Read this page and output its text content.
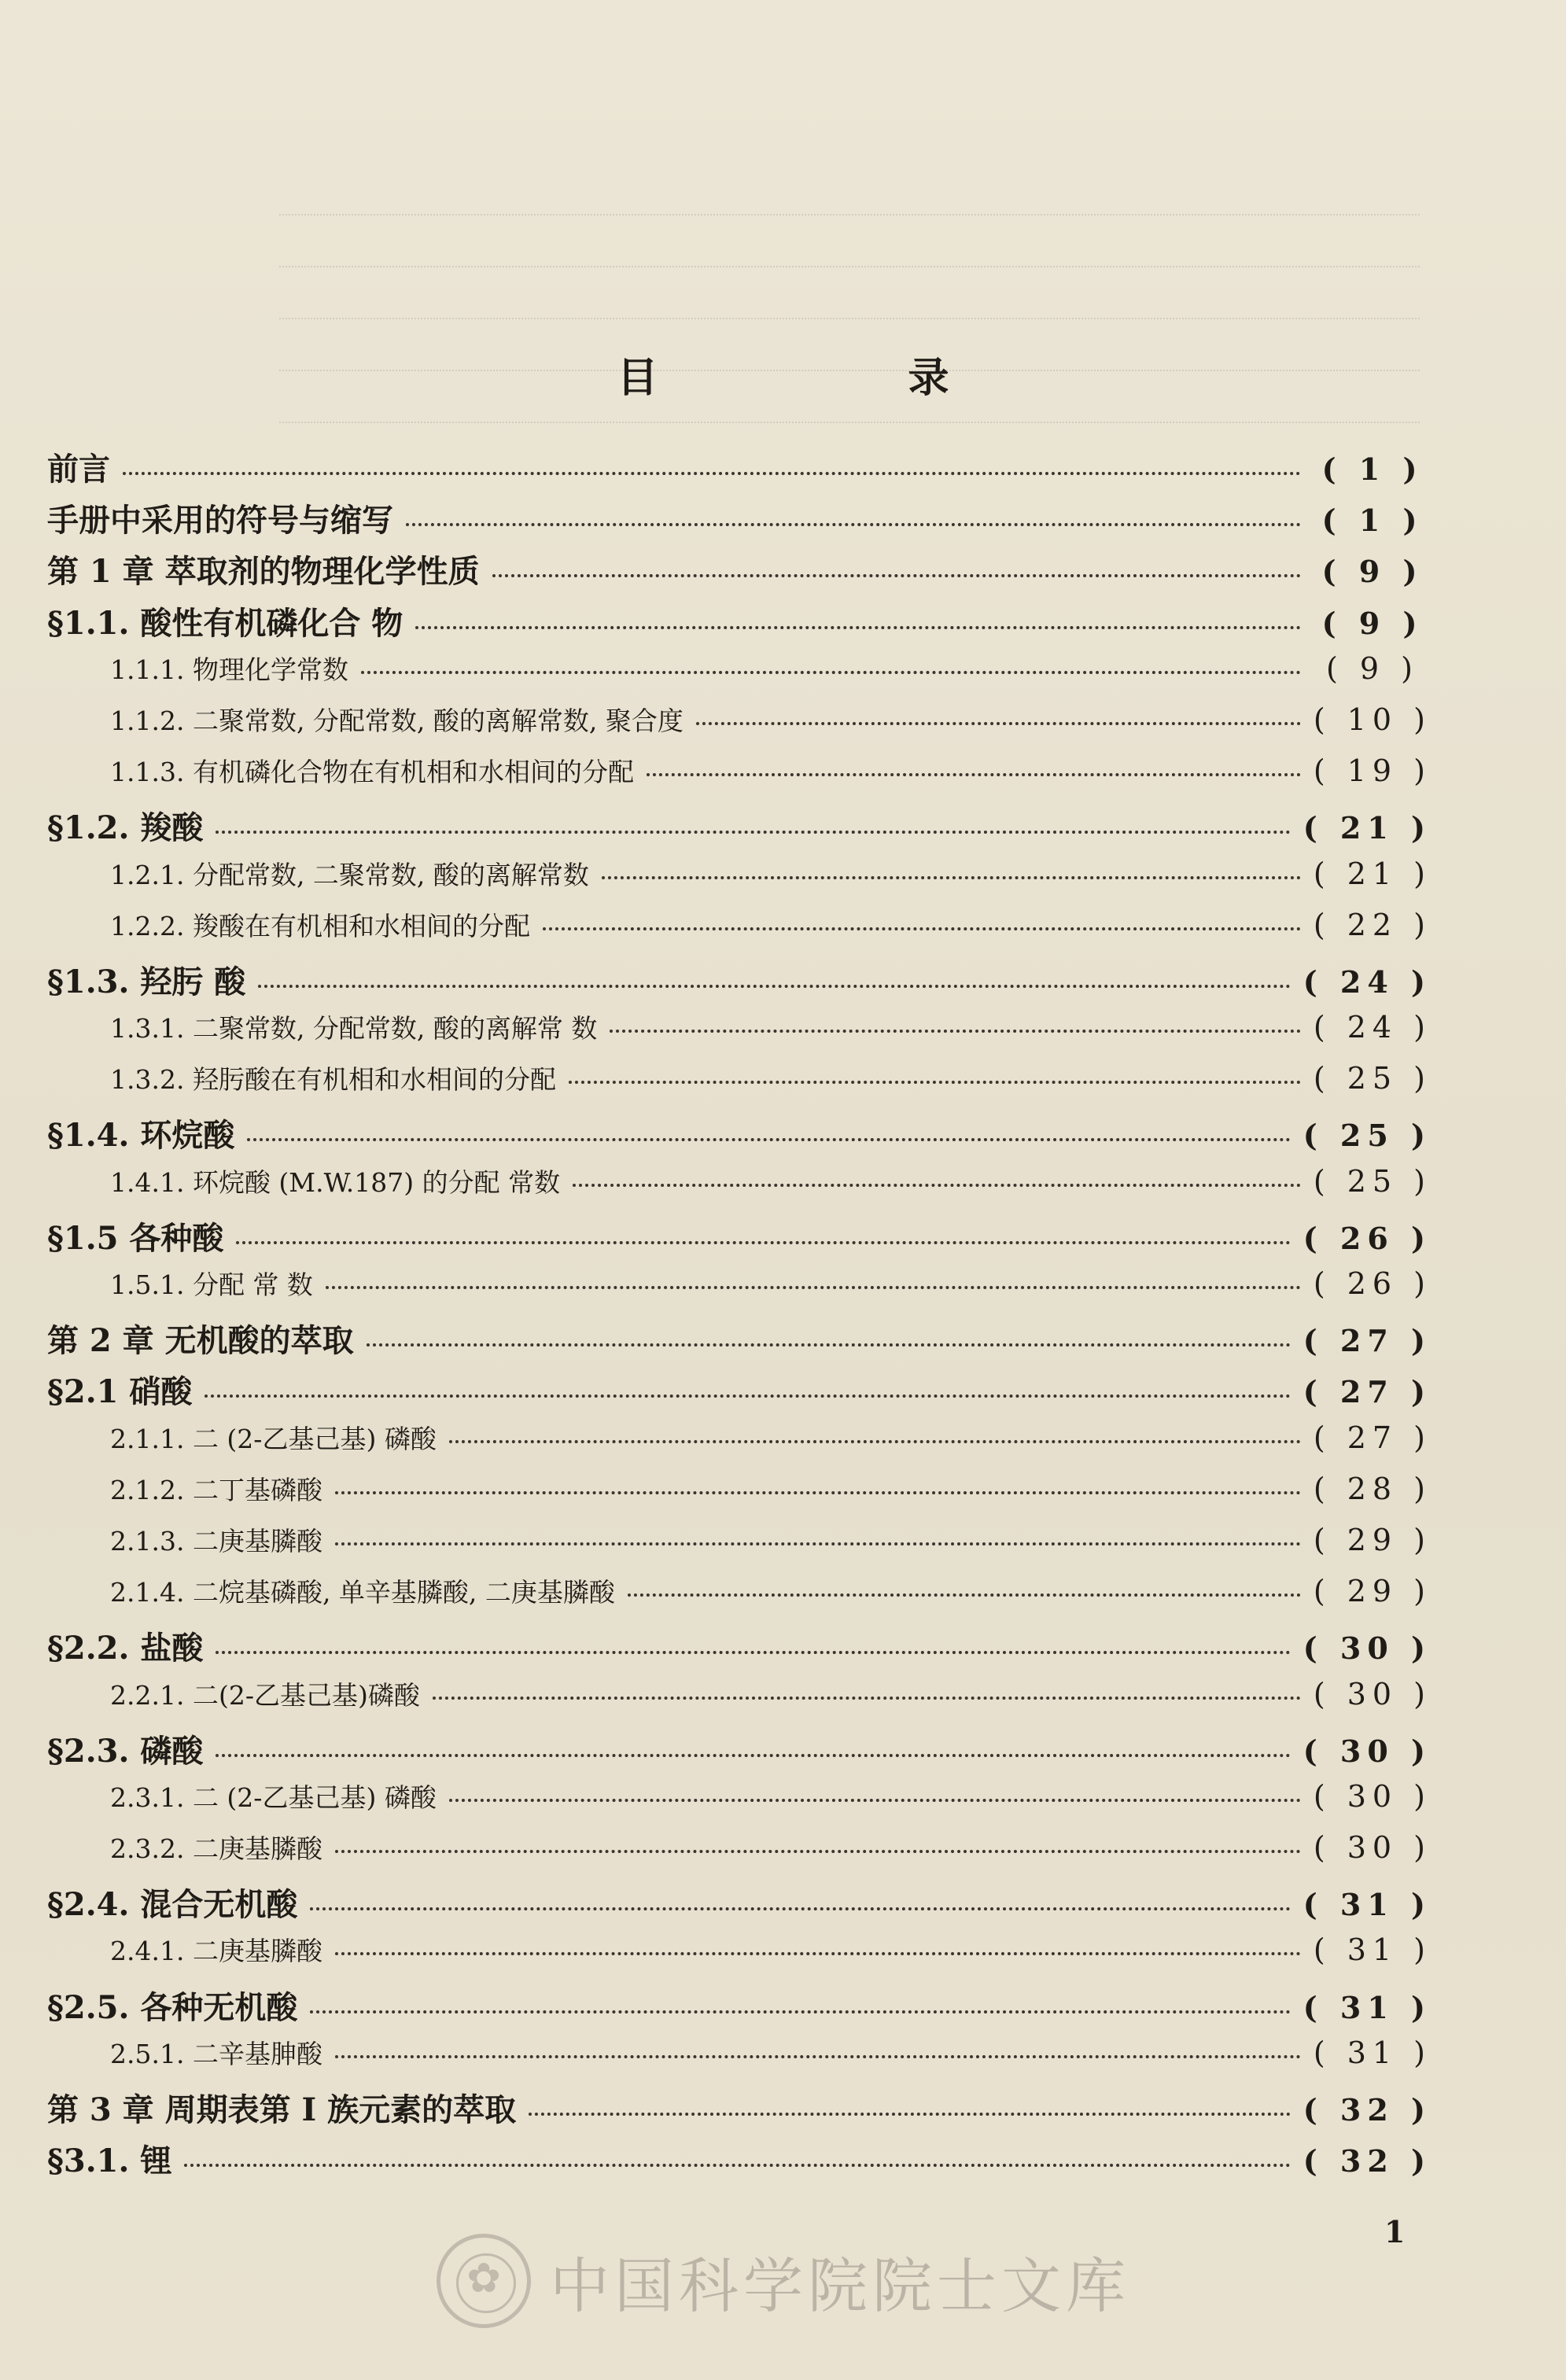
目 录
前言	( 1 )
手册中采用的符号与缩写	( 1 )
第 1 章 萃取剂的物理化学性质	( 9 )
§1.1. 酸性有机磷化合 物	( 9 )
1.1.1. 物理化学常数	( 9 )
1.1.2. 二聚常数, 分配常数, 酸的离解常数, 聚合度	( 10 )
1.1.3. 有机磷化合物在有机相和水相间的分配	( 19 )
§1.2. 羧酸	( 21 )
1.2.1. 分配常数, 二聚常数, 酸的离解常数	( 21 )
1.2.2. 羧酸在有机相和水相间的分配	( 22 )
§1.3. 羟肟 酸	( 24 )
1.3.1. 二聚常数, 分配常数, 酸的离解常 数	( 24 )
1.3.2. 羟肟酸在有机相和水相间的分配	( 25 )
§1.4. 环烷酸	( 25 )
1.4.1. 环烷酸 (M.W.187) 的分配 常数	( 25 )
§1.5 各种酸	( 26 )
1.5.1. 分配 常 数	( 26 )
第 2 章 无机酸的萃取	( 27 )
§2.1 硝酸	( 27 )
2.1.1. 二 (2-乙基己基) 磷酸	( 27 )
2.1.2. 二丁基磷酸	( 28 )
2.1.3. 二庚基膦酸	( 29 )
2.1.4. 二烷基磷酸, 单辛基膦酸, 二庚基膦酸	( 29 )
§2.2. 盐酸	( 30 )
2.2.1. 二(2-乙基己基)磷酸	( 30 )
§2.3. 磷酸	( 30 )
2.3.1. 二 (2-乙基己基) 磷酸	( 30 )
2.3.2. 二庚基膦酸	( 30 )
§2.4. 混合无机酸	( 31 )
2.4.1. 二庚基膦酸	( 31 )
§2.5. 各种无机酸	( 31 )
2.5.1. 二辛基胂酸	( 31 )
第 3 章 周期表第 I 族元素的萃取	( 32 )
§3.1. 锂	( 32 )
1
✿
中国科学院院士文库
